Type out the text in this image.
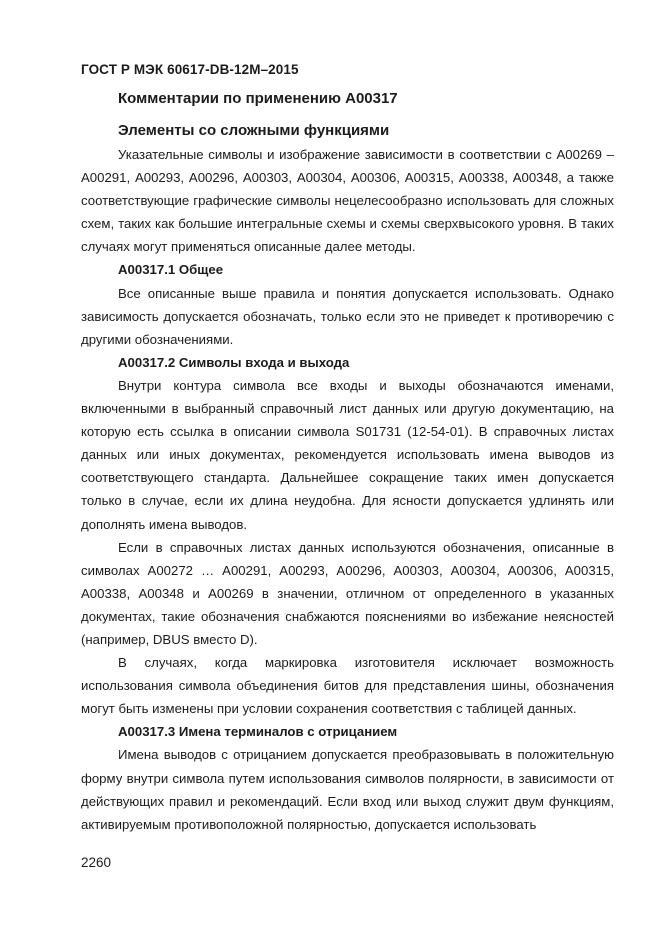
ГОСТ Р МЭК 60617-DB-12M–2015
Комментарии по применению А00317
Элементы со сложными функциями

Указательные символы и изображение зависимости в соответствии с А00269 – А00291, А00293, А00296, А00303, А00304, А00306, А00315, А00338, А00348, а также соответствующие графические символы нецелесообразно использовать для сложных схем, таких как большие интегральные схемы и схемы сверхвысокого уровня. В таких случаях могут применяться описанные далее методы.

А00317.1 Общее

Все описанные выше правила и понятия допускается использовать. Однако зависимость допускается обозначать, только если это не приведет к противоречию с другими обозначениями.

А00317.2 Символы входа и выхода

Внутри контура символа все входы и выходы обозначаются именами, включенными в выбранный справочный лист данных или другую документацию, на которую есть ссылка в описании символа S01731 (12-54-01). В справочных листах данных или иных документах, рекомендуется использовать имена выводов из соответствующего стандарта. Дальнейшее сокращение таких имен допускается только в случае, если их длина неудобна. Для ясности допускается удлинять или дополнять имена выводов.

Если в справочных листах данных используются обозначения, описанные в символах А00272 … А00291, А00293, А00296, А00303, А00304, А00306, А00315, А00338, А00348 и А00269 в значении, отличном от определенного в указанных документах, такие обозначения снабжаются пояснениями во избежание неясностей (например, DBUS вместо D).

В случаях, когда маркировка изготовителя исключает возможность использования символа объединения битов для представления шины, обозначения могут быть изменены при условии сохранения соответствия с таблицей данных.

А00317.3 Имена терминалов с отрицанием

Имена выводов с отрицанием допускается преобразовывать в положительную форму внутри символа путем использования символов полярности, в зависимости от действующих правил и рекомендаций. Если вход или выход служит двум функциям, активируемым противоположной полярностью, допускается использовать

2260
